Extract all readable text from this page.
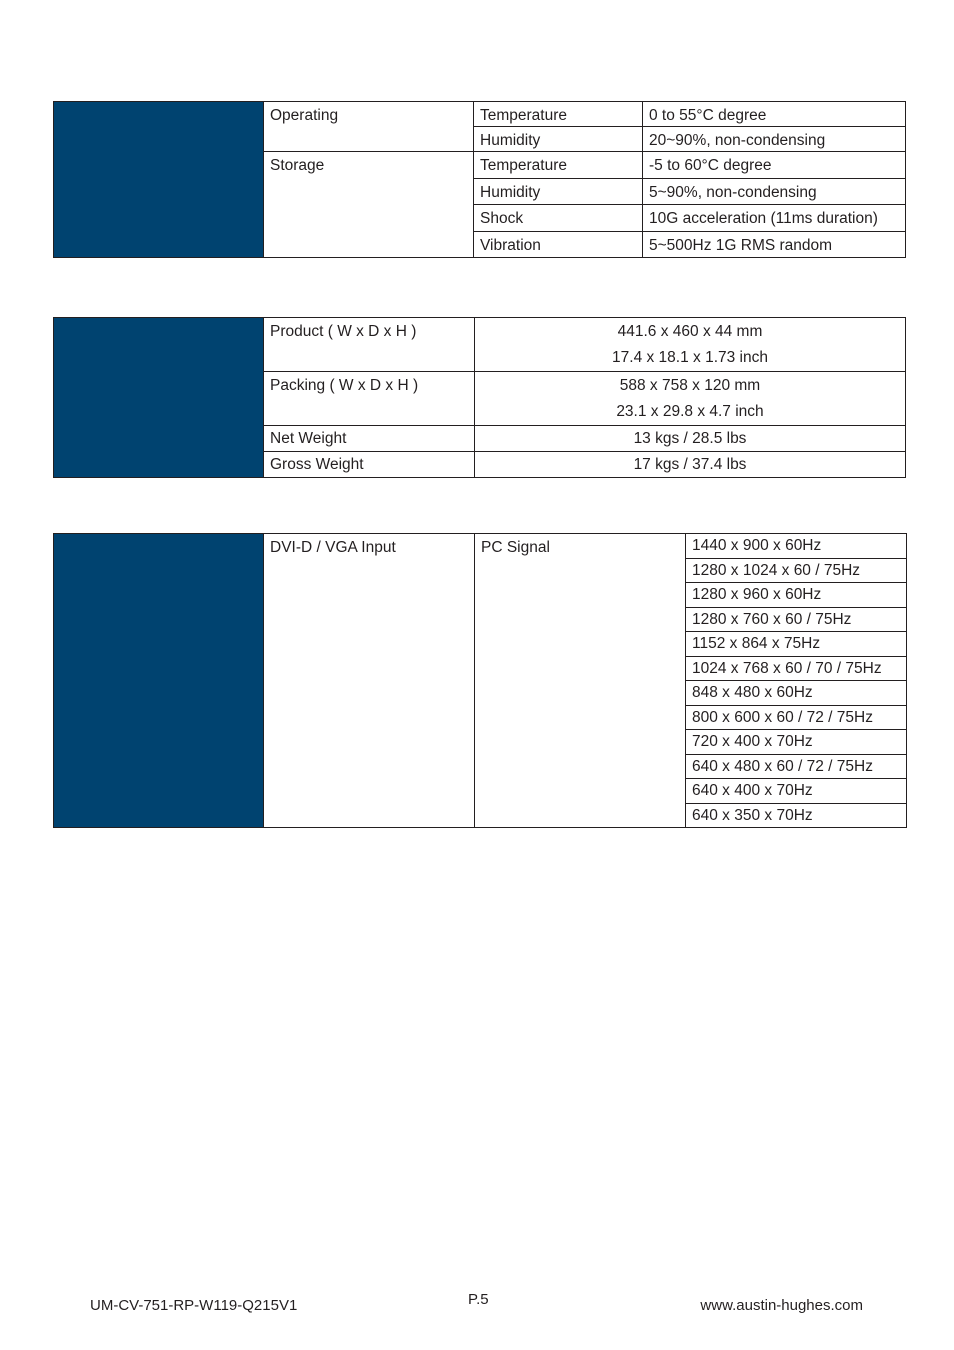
	Operating	Temperature	0 to 55°C degree
		Humidity	20~90%, non-condensing
	Storage	Temperature	-5 to 60°C degree
		Humidity	5~90%, non-condensing
		Shock	10G acceleration (11ms duration)
		Vibration	5~500Hz 1G RMS random
	Product ( W x D x H )	441.6 x 460 x 44 mm
17.4 x 18.1 x 1.73 inch

	Packing ( W x D x H )	588 x 758 x 120 mm
23.1 x 29.8 x 4.7 inch

	Net Weight	13 kgs / 28.5 lbs
	Gross Weight	17 kgs / 37.4 lbs
	DVI-D / VGA Input	PC Signal	1440 x 900 x 60Hz
1280 x 1024 x 60 / 75Hz
1280 x 960 x 60Hz
1280 x 760 x 60 / 75Hz
1152 x 864 x 75Hz
1024 x 768 x 60 / 70 / 75Hz
848 x 480 x 60Hz
800 x 600 x 60 / 72 / 75Hz
720 x 400 x 70Hz
640 x 480 x 60 / 72 / 75Hz
640 x 400 x 70Hz
640 x 350 x 70Hz
UM-CV-751-RP-W119-Q215V1	P.5	www.austin-hughes.com
